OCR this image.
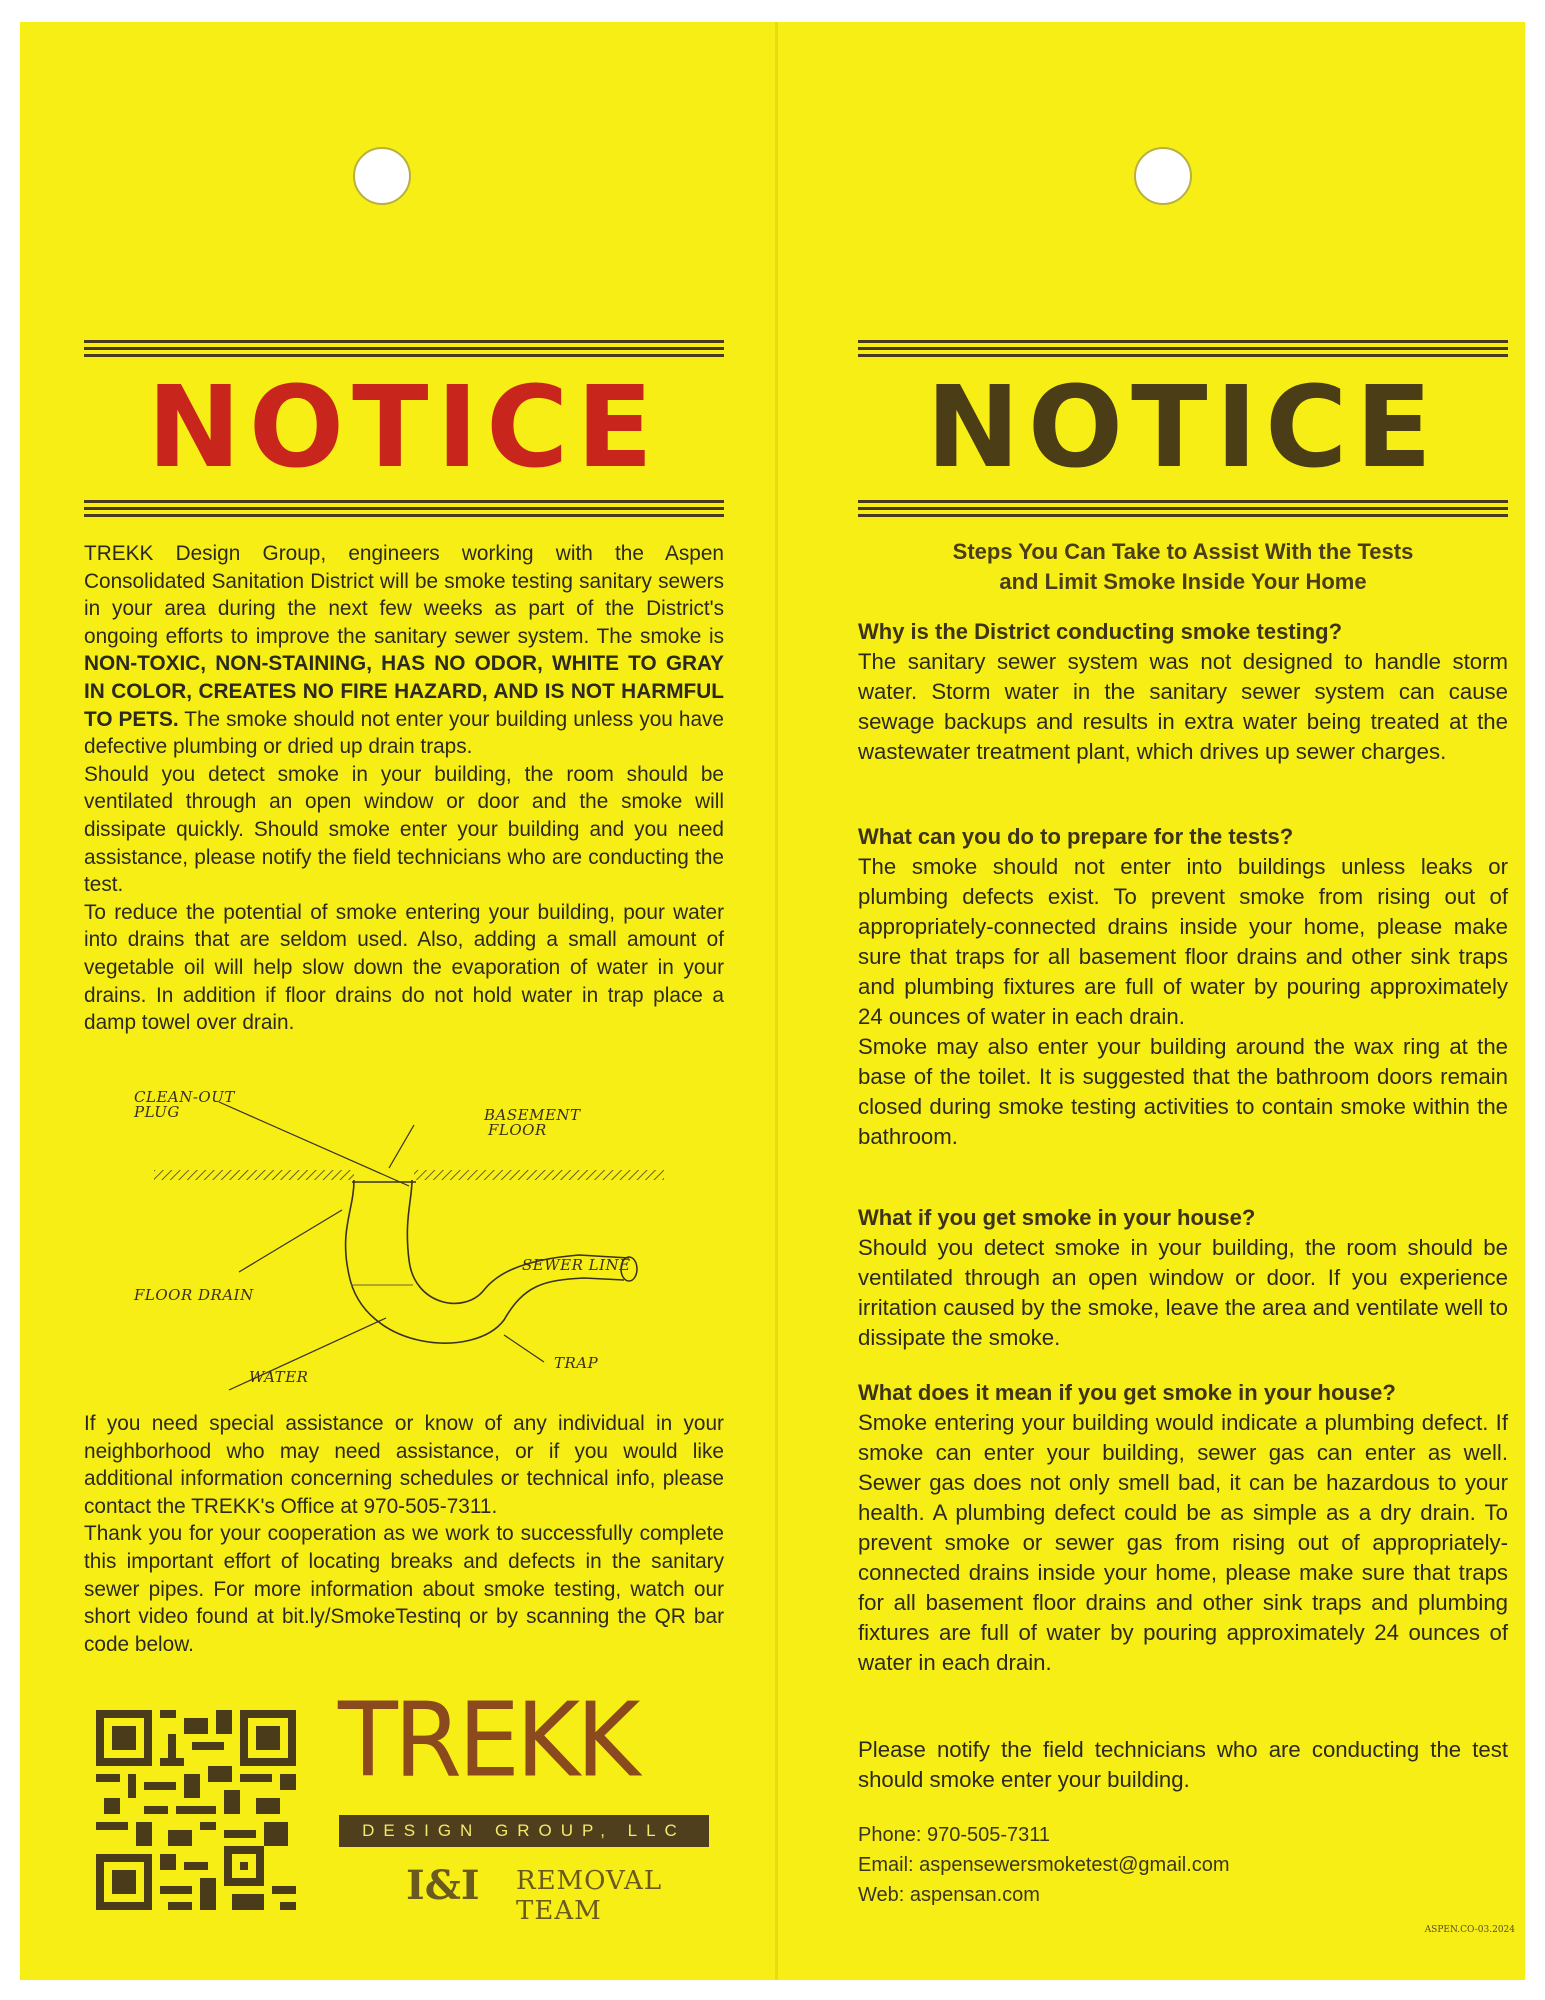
NOTICE

TREKK Design Group, engineers working with the Aspen Consolidated Sanitation District will be smoke testing sanitary sewers in your area during the next few weeks as part of the District's ongoing efforts to improve the sanitary sewer system. The smoke is NON-TOXIC, NON-STAINING, HAS NO ODOR, WHITE TO GRAY IN COLOR, CREATES NO FIRE HAZARD, AND IS NOT HARMFUL TO PETS. The smoke should not enter your building unless you have defective plumbing or dried up drain traps.

Should you detect smoke in your building, the room should be ventilated through an open window or door and the smoke will dissipate quickly. Should smoke enter your building and you need assistance, please notify the field technicians who are conducting the test.

To reduce the potential of smoke entering your building, pour water into drains that are seldom used. Also, adding a small amount of vegetable oil will help slow down the evaporation of water in your drains. In addition if floor drains do not hold water in trap place a damp towel over drain.

CLEAN-OUT
PLUG	BASEMENT
FLOOR
SEWER LINE
FLOOR DRAIN
TRAP
WATER

If you need special assistance or know of any individual in your neighborhood who may need assistance, or if you would like additional information concerning schedules or technical info, please contact the TREKK's Office at 970-505-7311.

Thank you for your cooperation as we work to successfully complete this important effort of locating breaks and defects in the sanitary sewer pipes. For more information about smoke testing, watch our short video found at bit.ly/SmokeTestinq or by scanning the QR bar code below.

TREKK
DESIGN GROUP, LLC
I&I REMOVAL
TEAM
NOTICE
Steps You Can Take to Assist With the Tests
and Limit Smoke Inside Your Home
Why is the District conducting smoke testing?

The sanitary sewer system was not designed to handle storm water. Storm water in the sanitary sewer system can cause sewage backups and results in extra water being treated at the wastewater treatment plant, which drives up sewer charges.

What can you do to prepare for the tests?

The smoke should not enter into buildings unless leaks or plumbing defects exist. To prevent smoke from rising out of appropriately-connected drains inside your home, please make sure that traps for all basement floor drains and other sink traps and plumbing fixtures are full of water by pouring approximately 24 ounces of water in each drain.

Smoke may also enter your building around the wax ring at the base of the toilet. It is suggested that the bathroom doors remain closed during smoke testing activities to contain smoke within the bathroom.

What if you get smoke in your house?

Should you detect smoke in your building, the room should be ventilated through an open window or door. If you experience irritation caused by the smoke, leave the area and ventilate well to dissipate the smoke.

What does it mean if you get smoke in your house?

Smoke entering your building would indicate a plumbing defect. If smoke can enter your building, sewer gas can enter as well. Sewer gas does not only smell bad, it can be hazardous to your health. A plumbing defect could be as simple as a dry drain. To prevent smoke or sewer gas from rising out of appropriately-connected drains inside your home, please make sure that traps for all basement floor drains and other sink traps and plumbing fixtures are full of water by pouring approximately 24 ounces of water in each drain.

Please notify the field technicians who are conducting the test should smoke enter your building.

Phone: 970-505-7311
Email: aspensewersmoketest@gmail.com
Web: aspensan.com
ASPEN.CO-03.2024
